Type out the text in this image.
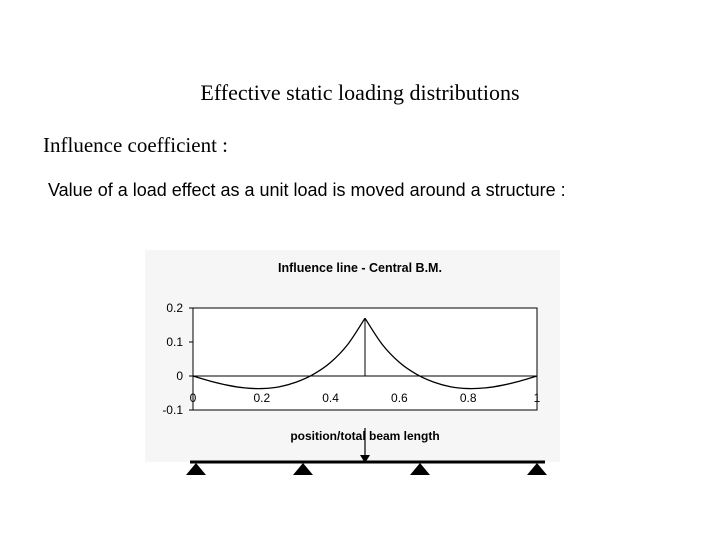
Effective static loading distributions
Influence coefficient :
Value of a load effect as a unit load is moved around a structure :
Influence line - Central B.M.
position/total beam length
0.2
0.1
0
-0.1
0	0.2	0.4	0.6	0.8	1
